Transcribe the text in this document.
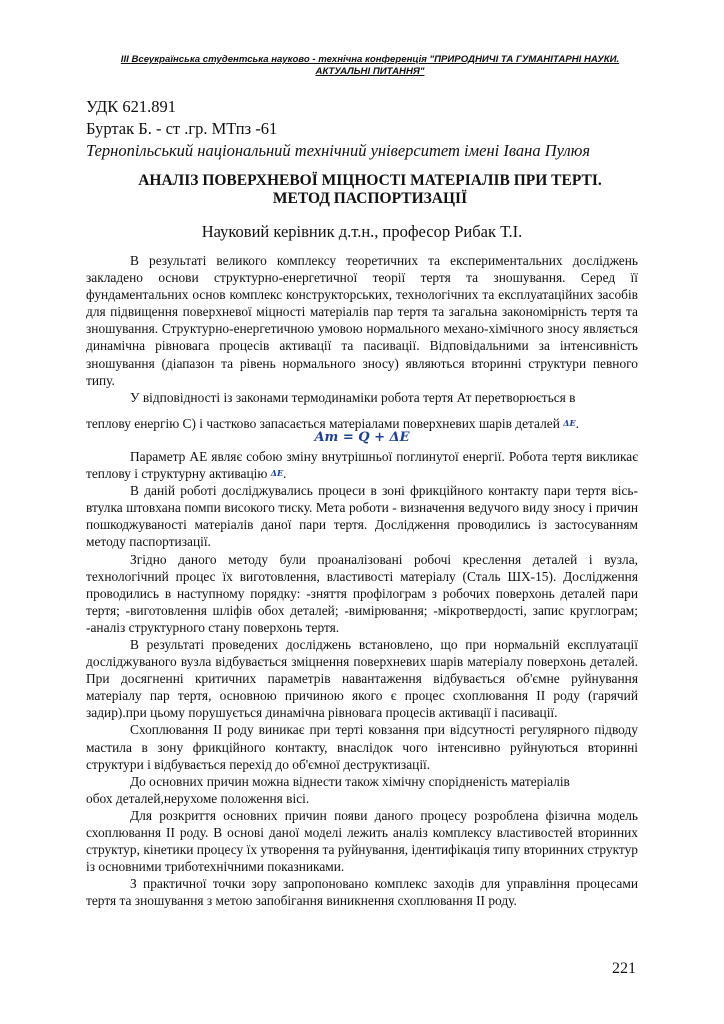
III Всеукраїнська студентська науково - технічна конференція "ПРИРОДНИЧІ ТА ГУМАНІТАРНІ НАУКИ.
АКТУАЛЬНІ ПИТАННЯ"
УДК 621.891
Буртак Б. - ст .гр. МТпз -61
Тернопільський національний технічний університет імені Івана Пулюя
АНАЛІЗ ПОВЕРХНЕВОЇ МІЦНОСТІ МАТЕРІАЛІВ ПРИ ТЕРТІ.
МЕТОД ПАСПОРТИЗАЦІЇ
Науковий керівник д.т.н., професор Рибак Т.І.

В результаті великого комплексу теоретичних та експериментальних досліджень закладено основи структурно-енергетичної теорії тертя та зношування. Серед її фундаментальних основ комплекс конструкторських, технологічних та експлуатаційних засобів для підвищення поверхневої міцності матеріалів пар тертя та загальна закономірність тертя та зношування. Структурно-енергетичною умовою нормального механо-хімічного зносу являється динамічна рівновага процесів активації та пасивації. Відповідальними за інтенсивність зношування (діапазон та рівень нормального зносу) являються вторинні структури певного типу.

У відповідності із законами термодинаміки робота тертя Ат перетворюється в

теплову енергію С) і частково запасається матеріалами поверхневих шарів деталей ΔE.

Aт = Q + ΔE

Параметр АЕ являє собою зміну внутрішньої поглинутої енергії. Робота тертя викликає теплову і структурну активацію ΔE.

В даній роботі досліджувались процеси в зоні фрикційного контакту пари тертя вісь-втулка штовхана помпи високого тиску. Мета роботи - визначення ведучого виду зносу і причин пошкоджуваності матеріалів даної пари тертя. Дослідження проводились із застосуванням методу паспортизації.

Згідно даного методу були проаналізовані робочі креслення деталей і вузла, технологічний процес їх виготовлення, властивості матеріалу (Сталь ШХ-15). Дослідження проводились в наступному порядку: -зняття профілограм з робочих поверхонь деталей пари тертя; -виготовлення шліфів обох деталей; -вимірювання; -мікротвердості, запис круглограм; -аналіз структурного стану поверхонь тертя.

В результаті проведених досліджень встановлено, що при нормальній експлуатації досліджуваного вузла відбувається зміцнення поверхневих шарів матеріалу поверхонь деталей. При досягненні критичних параметрів навантаження відбувається об'ємне руйнування матеріалу пар тертя, основною причиною якого є процес схоплювання II роду (гарячий задир).при цьому порушується динамічна рівновага процесів активації і пасивації.

Схоплювання II роду виникає при терті ковзання при відсутності регулярного підводу мастила в зону фрикційного контакту, внаслідок чого інтенсивно руйнуються вторинні структури і відбувається перехід до об'ємної деструктизації.

До основних причин можна віднести також хімічну спорідненість матеріалів

обох деталей,нерухоме положення вісі.

Для розкриття основних причин появи даного процесу розроблена фізична модель схоплювання II роду. В основі даної моделі лежить аналіз комплексу властивостей вторинних структур, кінетики процесу їх утворення та руйнування, ідентифікація типу вторинних структур із основними триботехнічними показниками.

З практичної точки зору запропоновано комплекс заходів для управління процесами тертя та зношування з метою запобігання виникнення схоплювання II роду.

221
